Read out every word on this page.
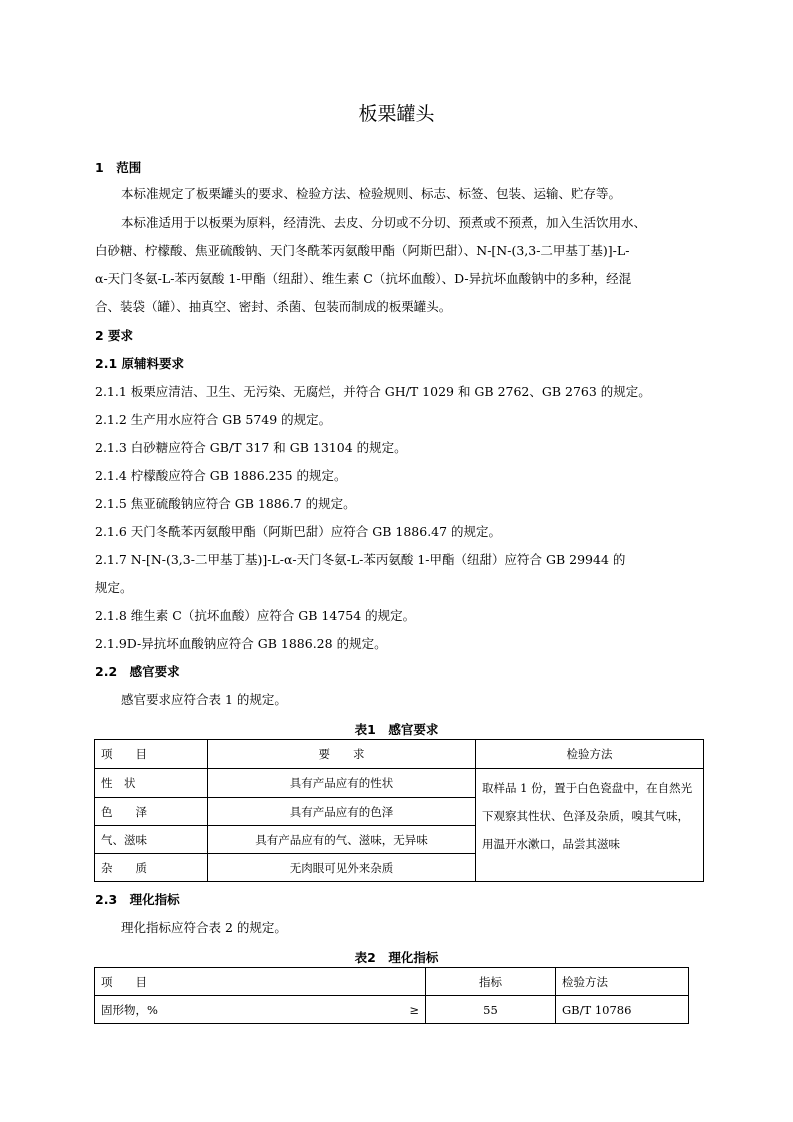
板栗罐头
1　范围
本标准规定了板栗罐头的要求、检验方法、检验规则、标志、标签、包装、运输、贮存等。
本标准适用于以板栗为原料，经清洗、去皮、分切或不分切、预煮或不预煮，加入生活饮用水、
白砂糖、柠檬酸、焦亚硫酸钠、天门冬酰苯丙氨酸甲酯（阿斯巴甜）、N-[N-(3,3-二甲基丁基)]-L-
α-天门冬氨-L-苯丙氨酸 1-甲酯（纽甜）、维生素 C（抗坏血酸）、D-异抗坏血酸钠中的多种，经混
合、装袋（罐）、抽真空、密封、杀菌、包装而制成的板栗罐头。
2 要求
2.1 原辅料要求
2.1.1 板栗应清洁、卫生、无污染、无腐烂，并符合 GH/T 1029 和 GB 2762、GB 2763 的规定。
2.1.2 生产用水应符合 GB 5749 的规定。
2.1.3 白砂糖应符合 GB/T 317 和 GB 13104 的规定。
2.1.4 柠檬酸应符合 GB 1886.235 的规定。
2.1.5 焦亚硫酸钠应符合 GB 1886.7 的规定。
2.1.6 天门冬酰苯丙氨酸甲酯（阿斯巴甜）应符合 GB 1886.47 的规定。
2.1.7 N-[N-(3,3-二甲基丁基)]-L-α-天门冬氨-L-苯丙氨酸 1-甲酯（纽甜）应符合 GB 29944 的
规定。
2.1.8 维生素 C（抗坏血酸）应符合 GB 14754 的规定。
2.1.9D-异抗坏血酸钠应符合 GB 1886.28 的规定。
2.2　感官要求
感官要求应符合表 1 的规定。
表1　感官要求
项　　目	要　　求	检验方法
性　状	具有产品应有的性状	取样品 1 份，置于白色瓷盘中，在自然光
下观察其性状、色泽及杂质，嗅其气味，
用温开水漱口，品尝其滋味

色　　泽	具有产品应有的色泽	
气、滋味	具有产品应有的气、滋味，无异味	
杂　　质	无肉眼可见外来杂质	
2.3　理化指标
理化指标应符合表 2 的规定。
表2　理化指标
项　　目	指标	检验方法
固形物，% ≥	55	GB/T 10786
